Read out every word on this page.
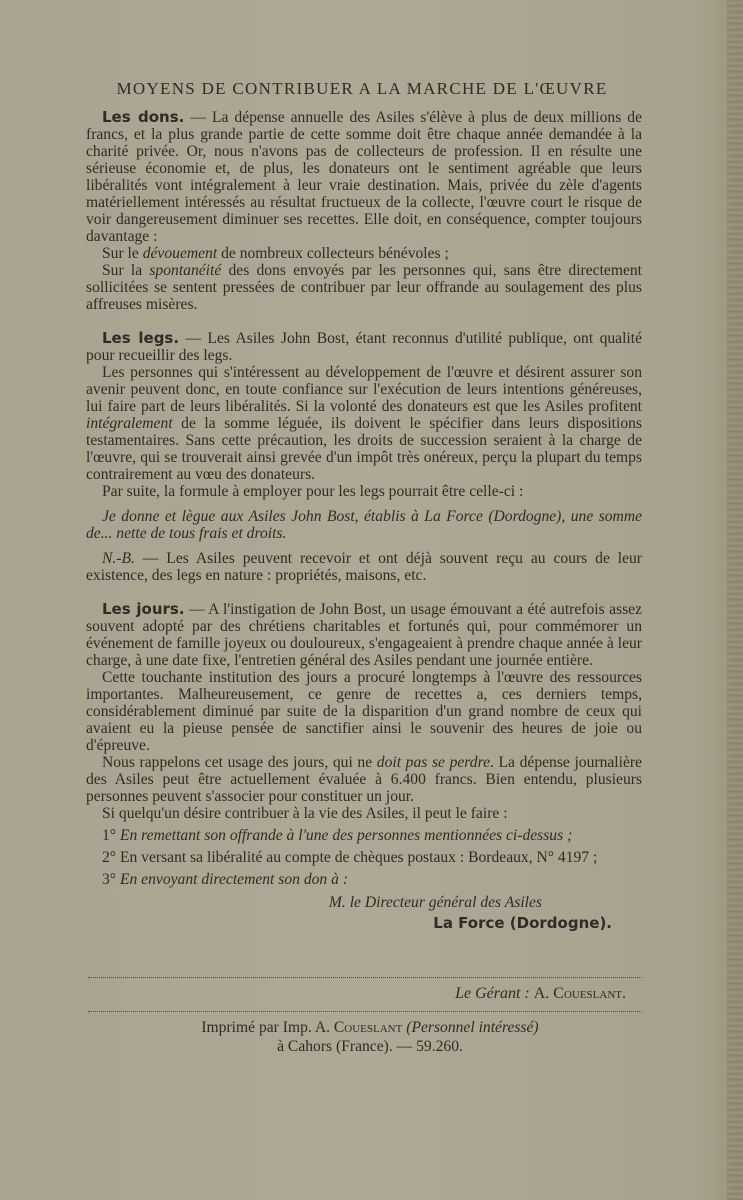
MOYENS DE CONTRIBUER A LA MARCHE DE L'ŒUVRE

Les dons. — La dépense annuelle des Asiles s'élève à plus de deux millions de francs, et la plus grande partie de cette somme doit être chaque année demandée à la charité privée. Or, nous n'avons pas de collecteurs de profession. Il en résulte une sérieuse économie et, de plus, les donateurs ont le sentiment agréable que leurs libéralités vont intégralement à leur vraie destination. Mais, privée du zèle d'agents matériellement intéressés au résultat fructueux de la collecte, l'œuvre court le risque de voir dangereusement diminuer ses recettes. Elle doit, en conséquence, compter toujours davantage :

Sur le dévouement de nombreux collecteurs bénévoles ;

Sur la spontanéité des dons envoyés par les personnes qui, sans être directement sollicitées se sentent pressées de contribuer par leur offrande au soulagement des plus affreuses misères.

Les legs. — Les Asiles John Bost, étant reconnus d'utilité publique, ont qualité pour recueillir des legs.

Les personnes qui s'intéressent au développement de l'œuvre et désirent assurer son avenir peuvent donc, en toute confiance sur l'exécution de leurs intentions généreuses, lui faire part de leurs libéralités. Si la volonté des donateurs est que les Asiles profitent intégralement de la somme léguée, ils doivent le spécifier dans leurs dispositions testamentaires. Sans cette précaution, les droits de succession seraient à la charge de l'œuvre, qui se trouverait ainsi grevée d'un impôt très onéreux, perçu la plupart du temps contrairement au vœu des donateurs.

Par suite, la formule à employer pour les legs pourrait être celle-ci :

Je donne et lègue aux Asiles John Bost, établis à La Force (Dordogne), une somme de... nette de tous frais et droits.

N.-B. — Les Asiles peuvent recevoir et ont déjà souvent reçu au cours de leur existence, des legs en nature : propriétés, maisons, etc.

Les jours. — A l'instigation de John Bost, un usage émouvant a été autrefois assez souvent adopté par des chrétiens charitables et fortunés qui, pour commémorer un événement de famille joyeux ou douloureux, s'engageaient à prendre chaque année à leur charge, à une date fixe, l'entretien général des Asiles pendant une journée entière.

Cette touchante institution des jours a procuré longtemps à l'œuvre des ressources importantes. Malheureusement, ce genre de recettes a, ces derniers temps, considérablement diminué par suite de la disparition d'un grand nombre de ceux qui avaient eu la pieuse pensée de sanctifier ainsi le souvenir des heures de joie ou d'épreuve.

Nous rappelons cet usage des jours, qui ne doit pas se perdre. La dépense journalière des Asiles peut être actuellement évaluée à 6.400 francs. Bien entendu, plusieurs personnes peuvent s'associer pour constituer un jour.

Si quelqu'un désire contribuer à la vie des Asiles, il peut le faire :

1° En remettant son offrande à l'une des personnes mentionnées ci-dessus ;

2° En versant sa libéralité au compte de chèques postaux : Bordeaux, N° 4197 ;

3° En envoyant directement son don à :

M. le Directeur général des Asiles
La Force (Dordogne).
Le Gérant : A. Coueslant.
Imprimé par Imp. A. Coueslant (Personnel intéressé)
à Cahors (France). — 59.260.
